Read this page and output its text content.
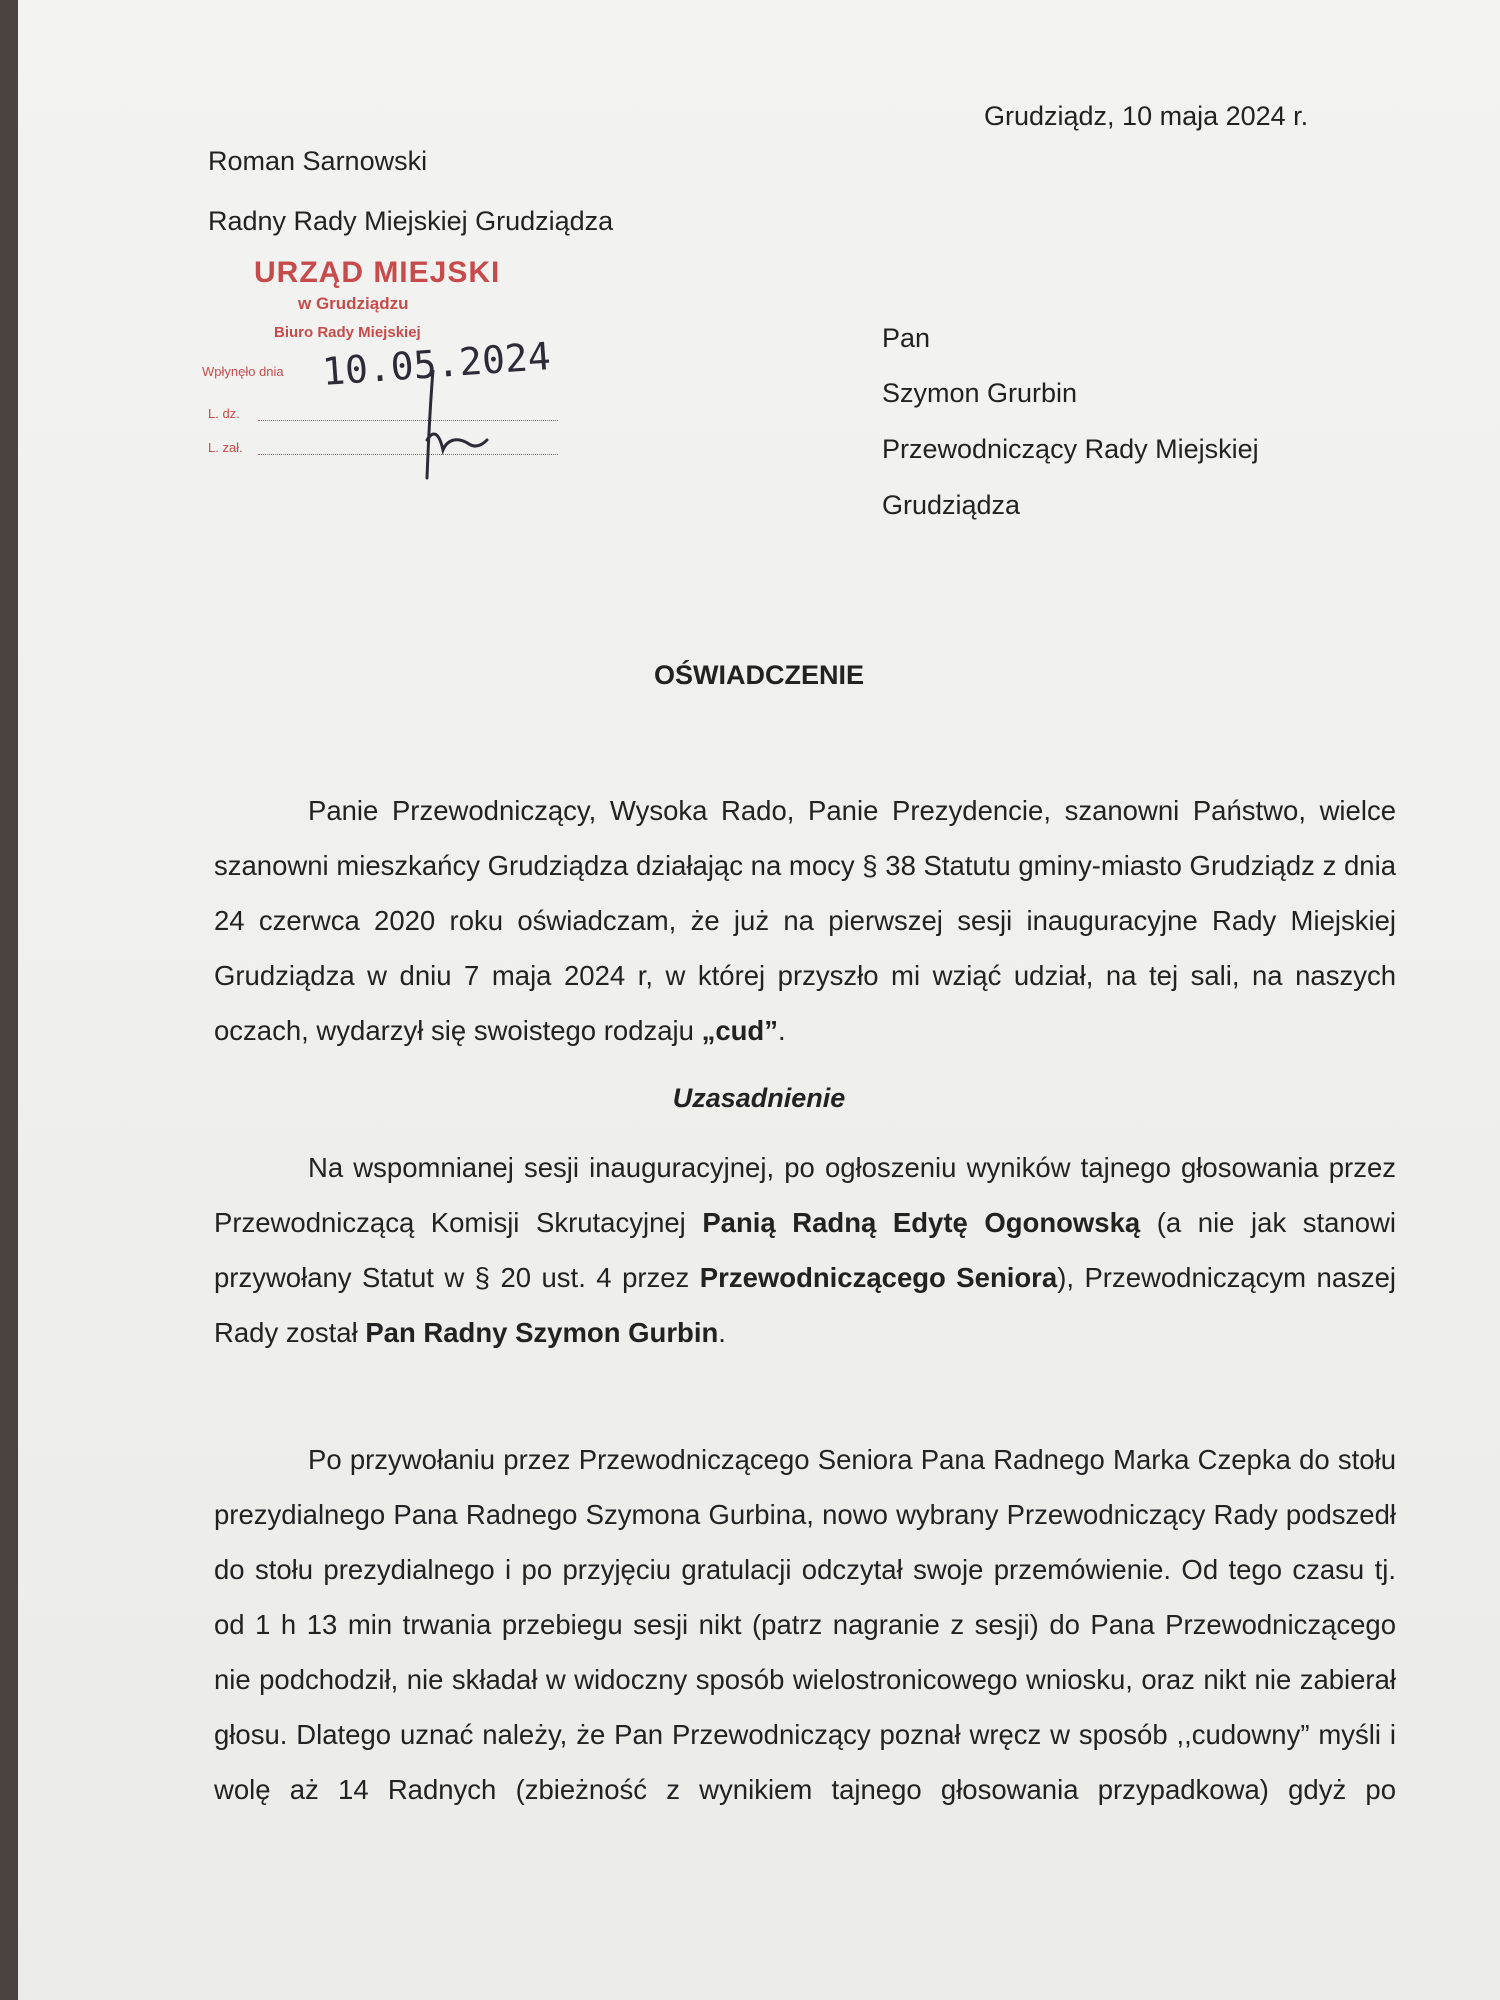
Grudziądz, 10 maja 2024 r.
Roman Sarnowski
Radny Rady Miejskiej Grudziądza
URZĄD MIEJSKI
w Grudziądzu
Biuro Rady Miejskiej
Wpłynęło dnia 10.05.2024
L. dz.
L. zał.
Pan
Szymon Grurbin
Przewodniczący Rady Miejskiej
Grudziądza
OŚWIADCZENIE

Panie Przewodniczący, Wysoka Rado, Panie Prezydencie, szanowni Państwo, wielce szanowni mieszkańcy Grudziądza działając na mocy § 38 Statutu gminy-miasto Grudziądz z dnia 24 czerwca 2020 roku oświadczam, że już na pierwszej sesji inauguracyjne Rady Miejskiej Grudziądza w dniu 7 maja 2024 r, w której przyszło mi wziąć udział, na tej sali, na naszych oczach, wydarzył się swoistego rodzaju „cud”.

Uzasadnienie

Na wspomnianej sesji inauguracyjnej, po ogłoszeniu wyników tajnego głosowania przez Przewodniczącą Komisji Skrutacyjnej Panią Radną Edytę Ogonowską (a nie jak stanowi przywołany Statut w § 20 ust. 4 przez Przewodniczącego Seniora), Przewodniczącym naszej Rady został Pan Radny Szymon Gurbin.

Po przywołaniu przez Przewodniczącego Seniora Pana Radnego Marka Czepka do stołu prezydialnego Pana Radnego Szymona Gurbina, nowo wybrany Przewodniczący Rady podszedł do stołu prezydialnego i po przyjęciu gratulacji odczytał swoje przemówienie. Od tego czasu tj. od 1 h 13 min trwania przebiegu sesji nikt (patrz nagranie z sesji) do Pana Przewodniczącego nie podchodził, nie składał w widoczny sposób wielostronicowego wniosku, oraz nikt nie zabierał głosu. Dlatego uznać należy, że Pan Przewodniczący poznał wręcz w sposób ,,cudowny” myśli i wolę aż 14 Radnych (zbieżność z wynikiem tajnego głosowania przypadkowa) gdyż po
